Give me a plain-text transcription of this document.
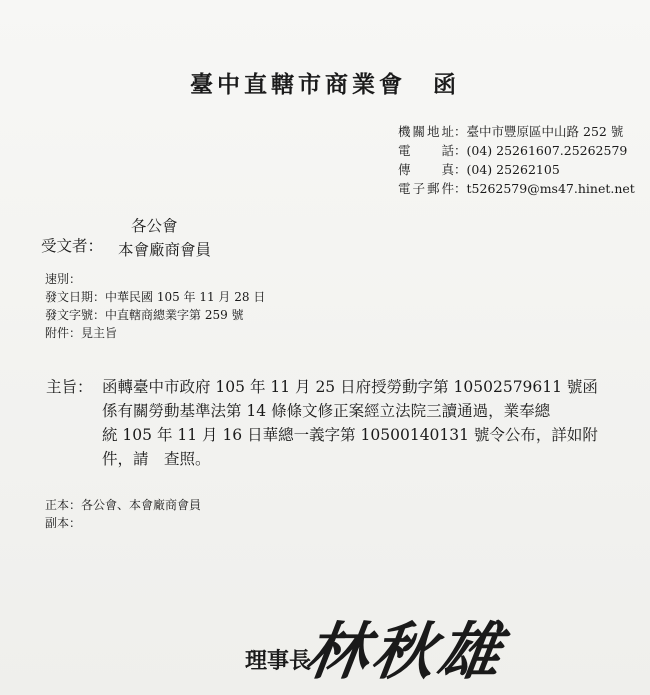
臺中直轄市商業會　函
機關地址：臺中市豐原區中山路 252 號
電　話：(04) 25261607.25262579
傳　真：(04) 25262105
電子郵件：t5262579@ms47.hinet.net
受文者：
各公會
本會廠商會員
速別：
發文日期：中華民國 105 年 11 月 28 日
發文字號：中直轄商總業字第 259 號
附件：見主旨
主旨： 函轉臺中市政府 105 年 11 月 25 日府授勞動字第 10502579611 號函
係有關勞動基準法第 14 條條文修正案經立法院三讀通過，業奉總
統 105 年 11 月 16 日華總一義字第 10500140131 號令公布，詳如附
件，請　查照。
正本：各公會、本會廠商會員
副本：
理事長
林秋雄
